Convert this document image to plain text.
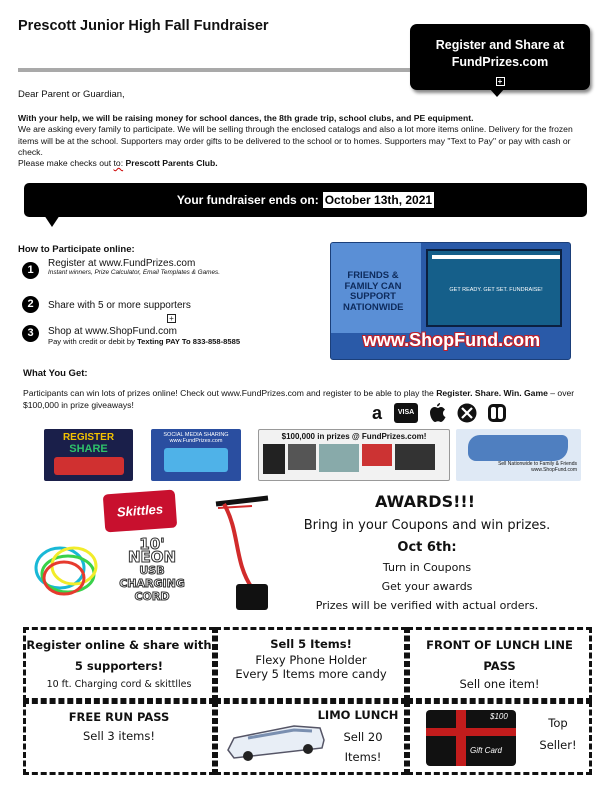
Prescott Junior High Fall Fundraiser
Register and Share at
FundPrizes.com
+
Dear Parent or Guardian,
With your help, we will be raising money for school dances, the 8th grade trip, school clubs, and PE equipment.
We are asking every family to participate. We will be selling through the enclosed catalogs and also a lot more items online. Delivery for the frozen items will be at the school. Supporters may order gifts to be delivered to the school or to homes. Supporters may "Text to Pay" or pay with cash or check.
Please make checks out to: Prescott Parents Club.
Your fundraiser ends on: October 13th, 2021
How to Participate online:
1
Register at www.FundPrizes.com
Instant winners, Prize Calculator, Email Templates & Games.
2	Share with 5 or more supporters
+
3	Shop at www.ShopFund.com
Pay with credit or debit by Texting PAY To 833-858-8585
FRIENDS & FAMILY CAN SUPPORT NATIONWIDE
GET READY. GET SET. FUNDRAISE!
www.ShopFund.com
What You Get:
Participants can win lots of prizes online! Check out www.FundPrizes.com and register to be able to play the Register. Share. Win. Game – over $100,000 in prize giveaways!	a	VISA
REGISTER
SHARE
SOCIAL MEDIA SHARING www.FundPrizes.com	$100,000 in prizes @ FundPrizes.com!
Sell Nationwide to Family & Friends www.ShopFund.com
Skittles
10'
NEON
USB
CHARGING
CORD
AWARDS!!!
Bring in your Coupons and win prizes.
Oct 6th:
Turn in Coupons
Get your awards
Prizes will be verified with actual orders.
Register online & share with 5 supporters!
10 ft. Charging cord & skittlles
Sell 5 Items!
Flexy Phone Holder
Every 5 Items more candy
FRONT OF LUNCH LINE PASS
Sell one item!
FREE RUN PASS
Sell 3 items!
LIMO LUNCH
Sell 20
Items!
$100
Gift Card
Top
Seller!
